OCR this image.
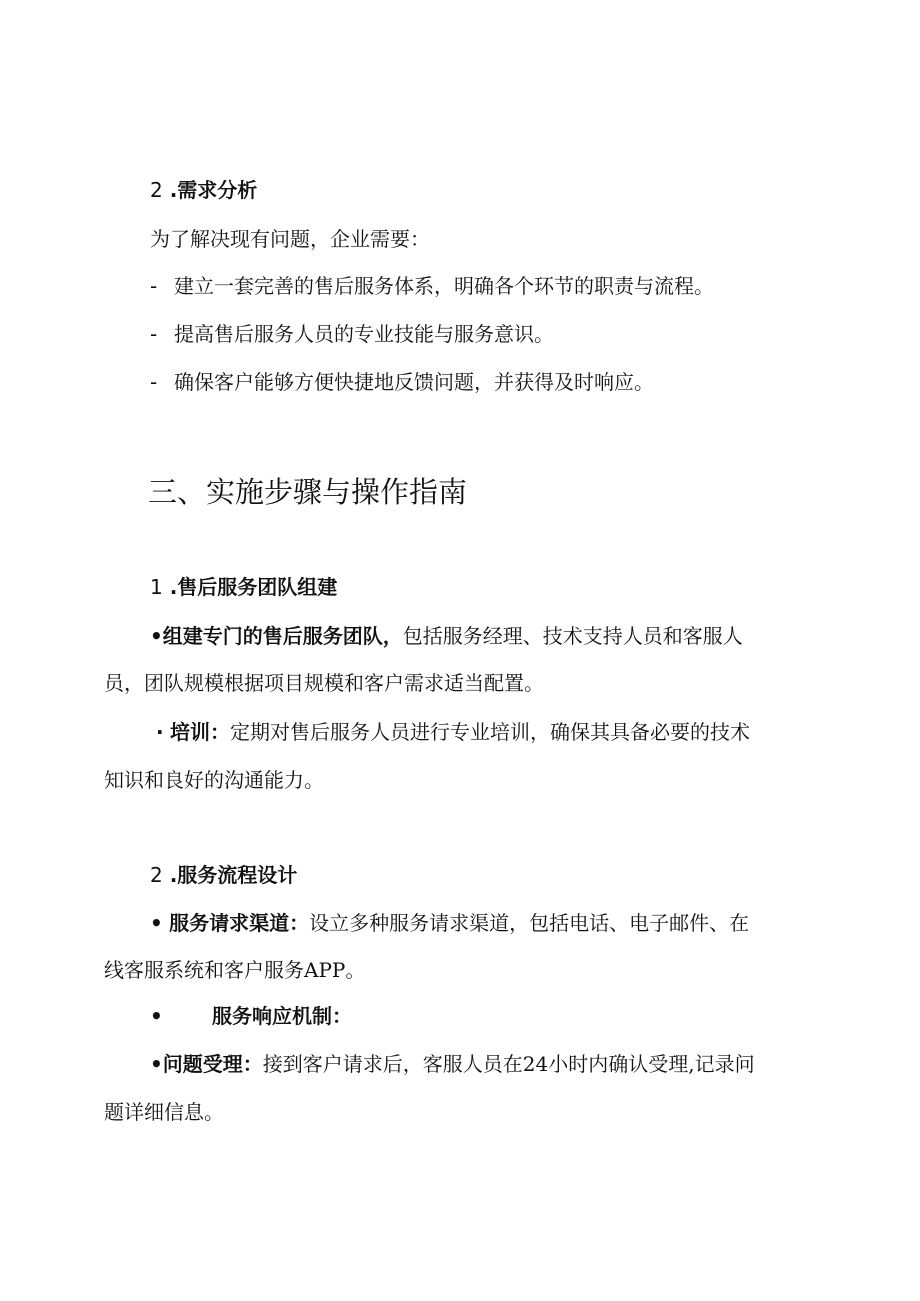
2 .需求分析
为了解决现有问题，企业需要：
- 建立一套完善的售后服务体系，明确各个环节的职责与流程。
- 提高售后服务人员的专业技能与服务意识。
- 确保客户能够方便快捷地反馈问题，并获得及时响应。
三、实施步骤与操作指南
1 .售后服务团队组建
•组建专门的售后服务团队，包括服务经理、技术支持人员和客服人
员，团队规模根据项目规模和客户需求适当配置。
· 培训：定期对售后服务人员进行专业培训，确保其具备必要的技术
知识和良好的沟通能力。
2 .服务流程设计
• 服务请求渠道：设立多种服务请求渠道，包括电话、电子邮件、在
线客服系统和客户服务APP。
• 服务响应机制：
•问题受理：接到客户请求后，客服人员在24小时内确认受理,记录问
题详细信息。
